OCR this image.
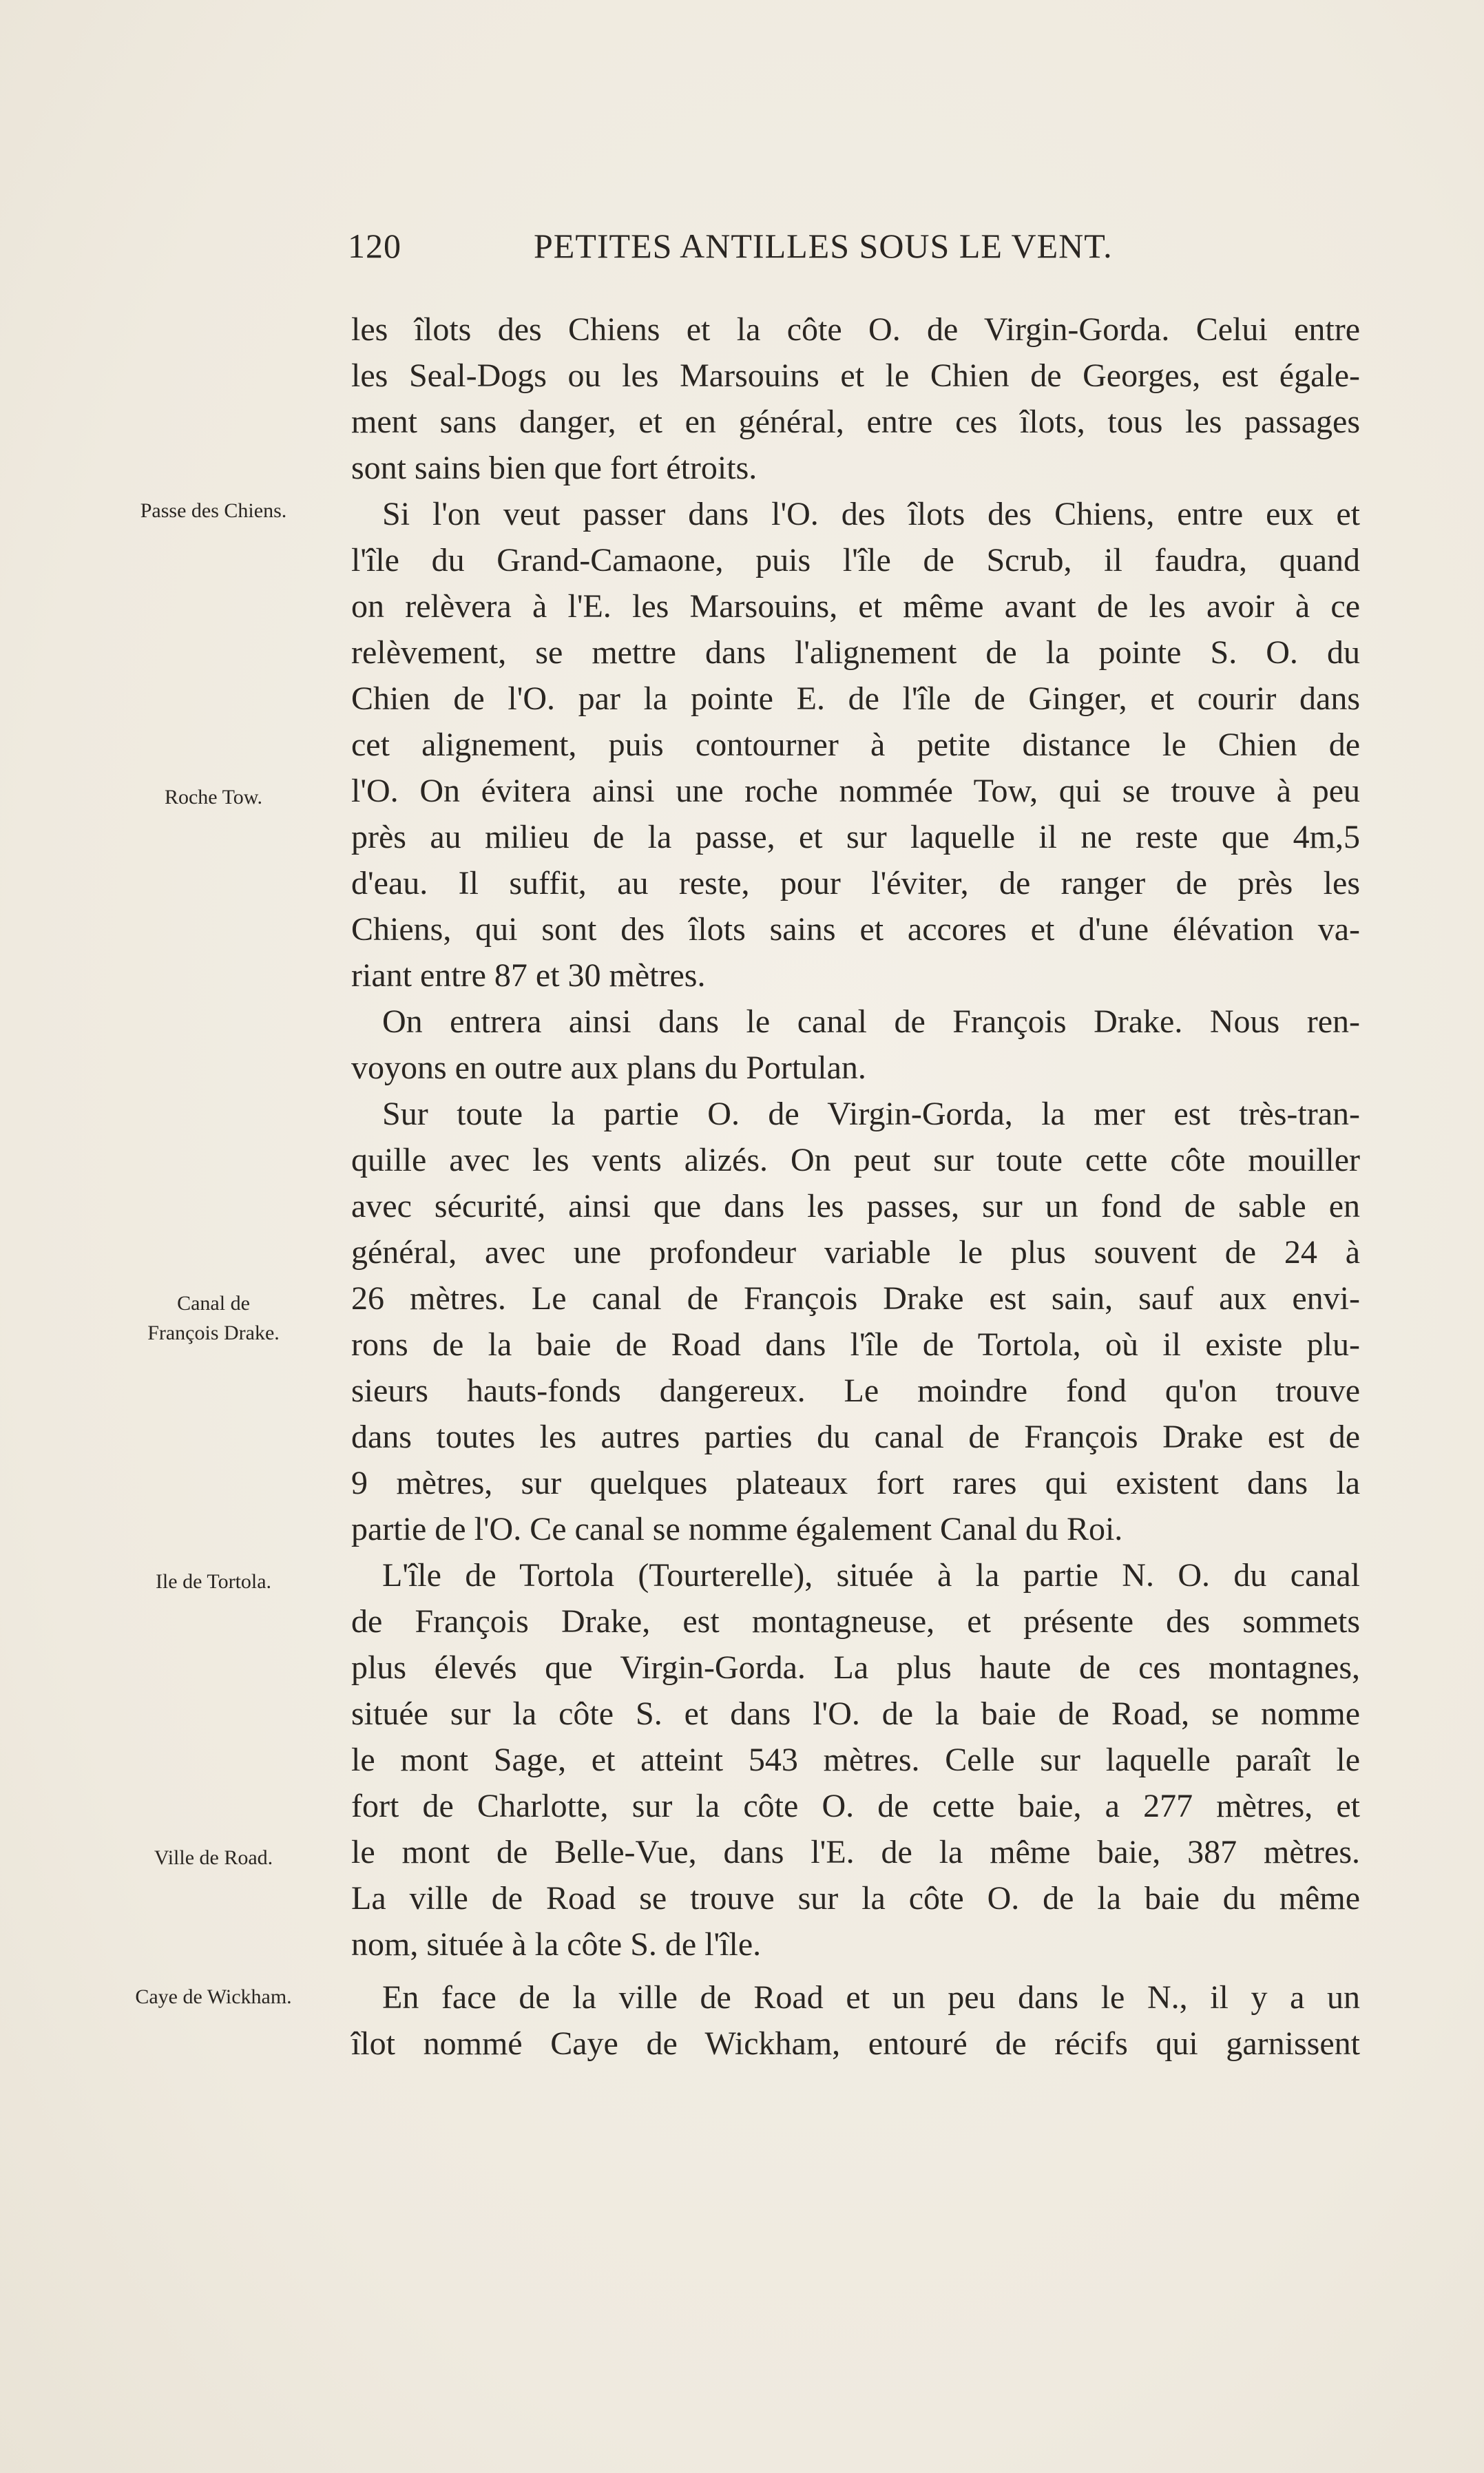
120	PETITES ANTILLES SOUS LE VENT.
Passe des Chiens.
Roche Tow.
Canal de
François Drake.
Ile de Tortola.
Ville de Road.
Caye de Wickham.
les îlots des Chiens et la côte O. de Virgin-Gorda. Celui entre
les Seal-Dogs ou les Marsouins et le Chien de Georges, est égale-
ment sans danger, et en général, entre ces îlots, tous les passages
sont sains bien que fort étroits.
Si l'on veut passer dans l'O. des îlots des Chiens, entre eux et
l'île du Grand-Camaone, puis l'île de Scrub, il faudra, quand
on relèvera à l'E. les Marsouins, et même avant de les avoir à ce
relèvement, se mettre dans l'alignement de la pointe S. O. du
Chien de l'O. par la pointe E. de l'île de Ginger, et courir dans
cet alignement, puis contourner à petite distance le Chien de
l'O. On évitera ainsi une roche nommée Tow, qui se trouve à peu
près au milieu de la passe, et sur laquelle il ne reste que 4m,5
d'eau. Il suffit, au reste, pour l'éviter, de ranger de près les
Chiens, qui sont des îlots sains et accores et d'une élévation va-
riant entre 87 et 30 mètres.
On entrera ainsi dans le canal de François Drake. Nous ren-
voyons en outre aux plans du Portulan.
Sur toute la partie O. de Virgin-Gorda, la mer est très-tran-
quille avec les vents alizés. On peut sur toute cette côte mouiller
avec sécurité, ainsi que dans les passes, sur un fond de sable en
général, avec une profondeur variable le plus souvent de 24 à
26 mètres. Le canal de François Drake est sain, sauf aux envi-
rons de la baie de Road dans l'île de Tortola, où il existe plu-
sieurs hauts-fonds dangereux. Le moindre fond qu'on trouve
dans toutes les autres parties du canal de François Drake est de
9 mètres, sur quelques plateaux fort rares qui existent dans la
partie de l'O. Ce canal se nomme également Canal du Roi.
L'île de Tortola (Tourterelle), située à la partie N. O. du canal
de François Drake, est montagneuse, et présente des sommets
plus élevés que Virgin-Gorda. La plus haute de ces montagnes,
située sur la côte S. et dans l'O. de la baie de Road, se nomme
le mont Sage, et atteint 543 mètres. Celle sur laquelle paraît le
fort de Charlotte, sur la côte O. de cette baie, a 277 mètres, et
le mont de Belle-Vue, dans l'E. de la même baie, 387 mètres.
La ville de Road se trouve sur la côte O. de la baie du même
nom, située à la côte S. de l'île.
En face de la ville de Road et un peu dans le N., il y a un
îlot nommé Caye de Wickham, entouré de récifs qui garnissent
